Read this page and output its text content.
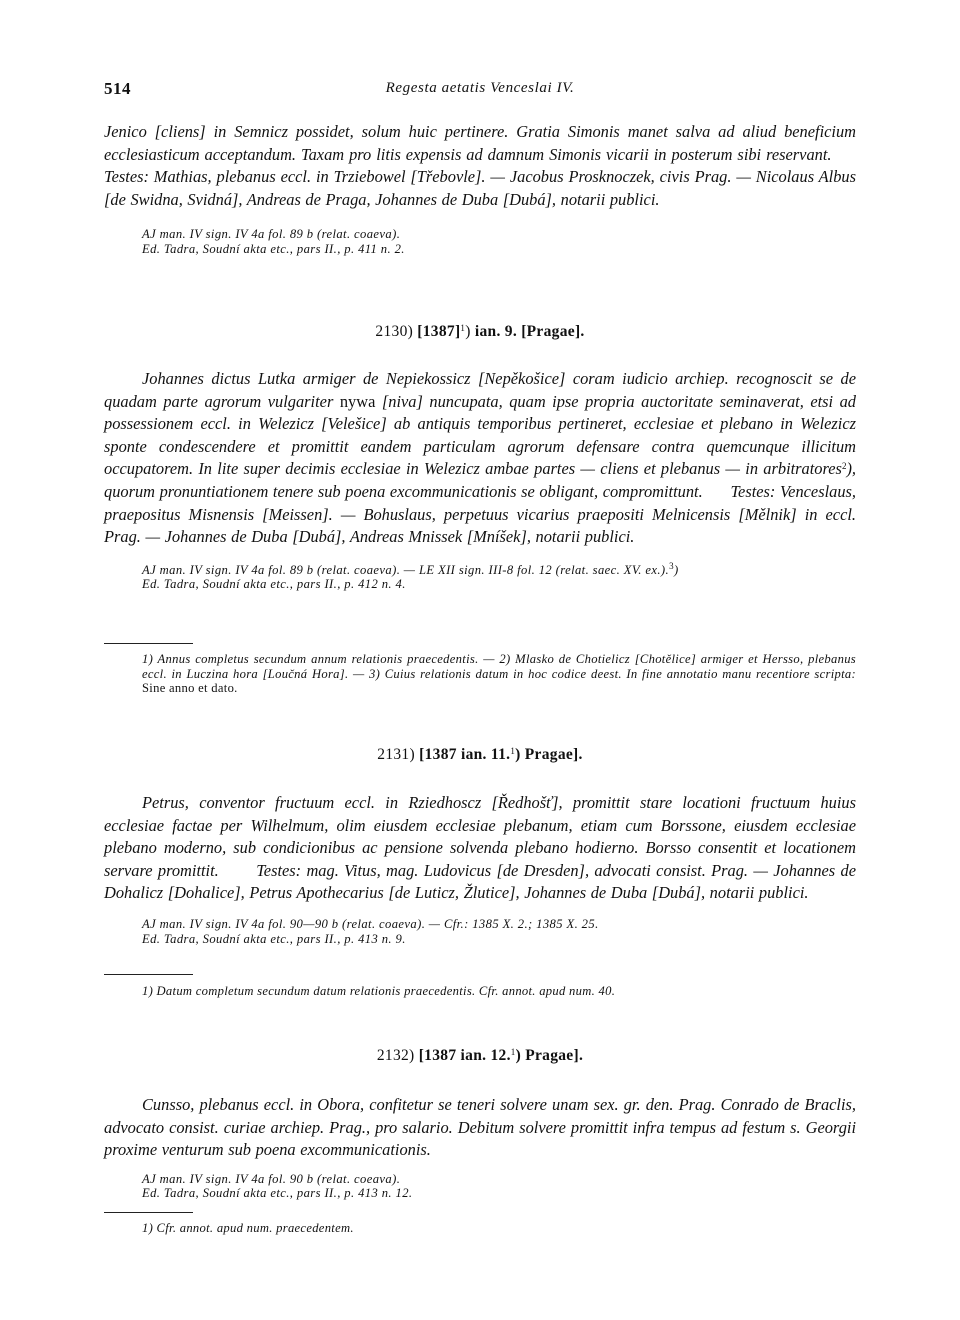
514	Regesta aetatis Venceslai IV.

Jenico [cliens] in Semnicz possidet, solum huic pertinere. Gratia Simonis manet salva ad aliud beneficium ecclesiasticum acceptandum. Taxam pro litis expensis ad damnum Simonis vicarii in posterum sibi reservant.      Testes: Mathias, plebanus eccl. in Trziebowel [Třebovle]. — Jacobus Prosknoczek, civis Prag. — Nicolaus Albus [de Swidna, Svidná], Andreas de Praga, Johannes de Duba [Dubá], notarii publici.

AJ man. IV sign. IV 4a fol. 89 b (relat. coaeva).

Ed. Tadra, Soudní akta etc., pars II., p. 411 n. 2.

2130) $[1387]^1$) ian. 9. [Pragae].

Johannes dictus Lutka armiger de Nepiekossicz [Nepěkošice] coram iudicio archiep. recognoscit se de quadam parte agrorum vulgariter nywa [niva] nuncupata, quam ipse propria auctoritate seminaverat, etsi ad possessionem eccl. in Welezicz [Velešice] ab antiquis temporibus pertineret, ecclesiae et plebano in Welezicz sponte condescendere et promittit eandem particulam agrorum defensare contra quemcunque illicitum occupatorem. In lite super decimis ecclesiae in Welezicz ambae partes — cliens et plebanus — in arbitratores$^2$), quorum pronuntiationem tenere sub poena excommunicationis se obligant, compromittunt. Testes: Venceslaus, praepositus Misnensis [Meissen]. — Bohuslaus, perpetuus vicarius praepositi Melnicensis [Mělnik] in eccl. Prag. — Johannes de Duba [Dubá], Andreas Mnissek [Mníšek], notarii publici.

AJ man. IV sign. IV 4a fol. 89 b (relat. coaeva). — LE XII sign. III-8 fol. 12 (relat. saec. XV. ex.).$^3$)

Ed. Tadra, Soudní akta etc., pars II., p. 412 n. 4.

1) Annus completus secundum annum relationis praecedentis. — 2) Mlasko de Chotielicz [Chotělice] armiger et Hersso, plebanus eccl. in Luczina hora [Loučná Hora]. — 3) Cuius relationis datum in hoc codice deest. In fine annotatio manu recentiore scripta: Sine anno et dato.

2131) [1387 ian. 11.$^1$) Pragae].

Petrus, conventor fructuum eccl. in Rziedhoscz [Ředhošť], promittit stare locationi fructuum huius ecclesiae factae per Wilhelmum, olim eiusdem ecclesiae plebanum, etiam cum Borssone, eiusdem ecclesiae plebano moderno, sub condicionibus ac pensione solvenda plebano hodierno. Borsso consentit et locationem servare promittit. Testes: mag. Vitus, mag. Ludovicus [de Dresden], advocati consist. Prag. — Johannes de Dohalicz [Dohalice], Petrus Apothecarius [de Luticz, Žlutice], Johannes de Duba [Dubá], notarii publici.

AJ man. IV sign. IV 4a fol. 90—90 b (relat. coaeva). — Cfr.: 1385 X. 2.; 1385 X. 25.

Ed. Tadra, Soudní akta etc., pars II., p. 413 n. 9.

1) Datum completum secundum datum relationis praecedentis. Cfr. annot. apud num. 40.

2132) [1387 ian. 12.$^1$) Pragae].

Cunsso, plebanus eccl. in Obora, confitetur se teneri solvere unam sex. gr. den. Prag. Conrado de Braclis, advocato consist. curiae archiep. Prag., pro salario. Debitum solvere promittit infra tempus ad festum s. Georgii proxime venturum sub poena excommunicationis.

AJ man. IV sign. IV 4a fol. 90 b (relat. coeava).

Ed. Tadra, Soudní akta etc., pars II., p. 413 n. 12.

1) Cfr. annot. apud num. praecedentem.
